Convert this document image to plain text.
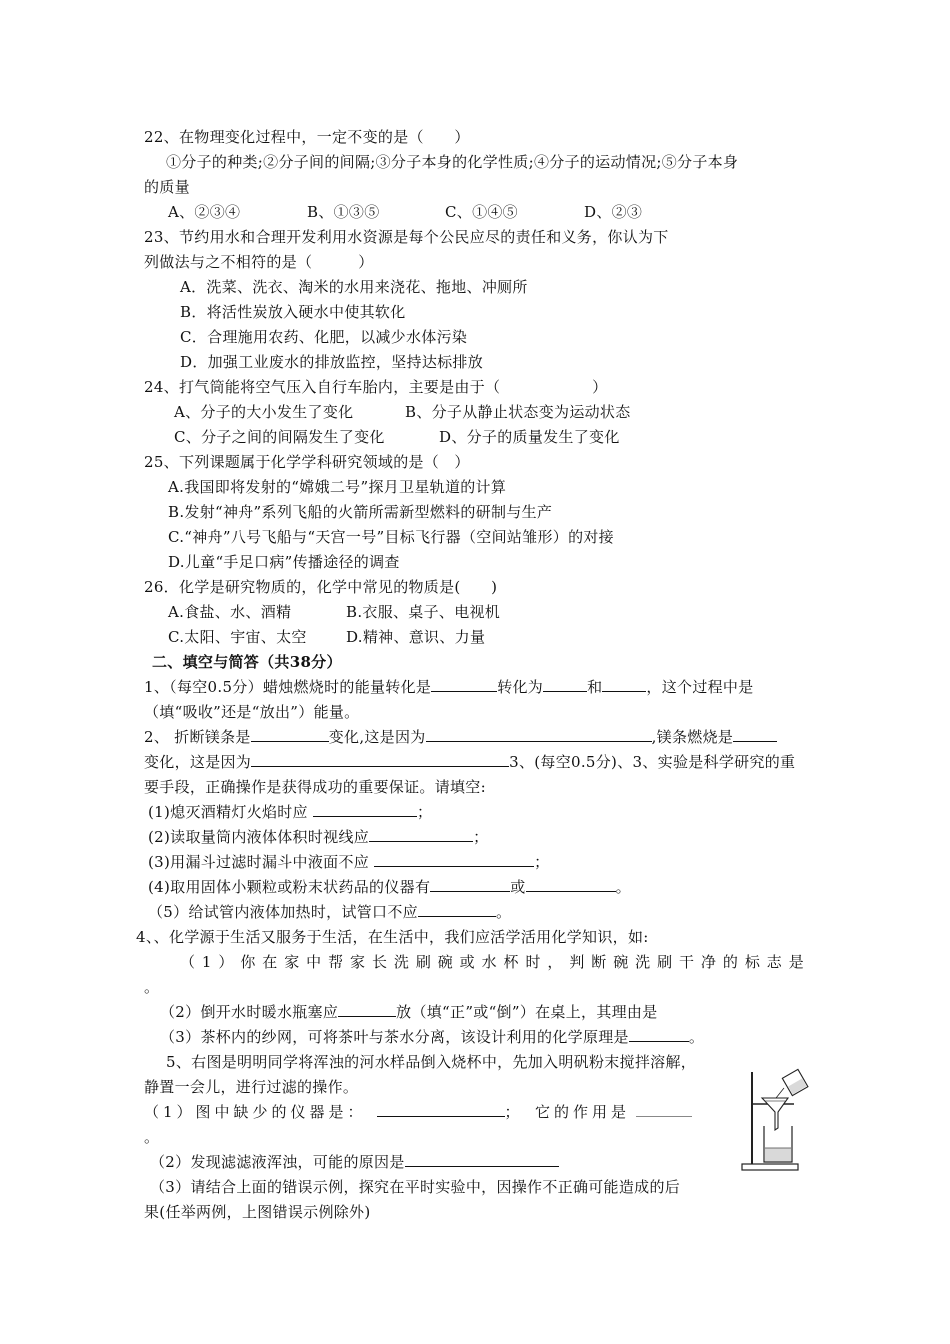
22、在物理变化过程中，一定不变的是（　　）
①分子的种类;②分子间的间隔;③分子本身的化学性质;④分子的运动情况;⑤分子本身
的质量
A、②③④	B、①③⑤	C、①④⑤	D、②③
23、节约用水和合理开发利用水资源是每个公民应尽的责任和义务，你认为下
列做法与之不相符的是（　　　）
A．洗菜、洗衣、淘米的水用来浇花、拖地、冲厕所
B．将活性炭放入硬水中使其软化
C．合理施用农药、化肥，以减少水体污染
D．加强工业废水的排放监控，坚持达标排放
24、打气筒能将空气压入自行车胎内，主要是由于（　　　　　　）
A、分子的大小发生了变化	B、分子从静止状态变为运动状态
C、分子之间的间隔发生了变化	D、分子的质量发生了变化
25、下列课题属于化学学科研究领域的是（　）
A.我国即将发射的“嫦娥二号”探月卫星轨道的计算
B.发射“神舟”系列飞船的火箭所需新型燃料的研制与生产
C.“神舟”八号飞船与“天宫一号”目标飞行器（空间站雏形）的对接
D.儿童“手足口病”传播途径的调查
26．化学是研究物质的，化学中常见的物质是(　　)
A.食盐、水、酒精	B.衣服、桌子、电视机
C.太阳、宇宙、太空	D.精神、意识、力量
二、填空与简答（共38分）
1、（每空0.5分）蜡烛燃烧时的能量转化是	转化为	和	，这个过程中是
（填“吸收”还是“放出”）能量。
2、 折断镁条是	变化,这是因为	,镁条燃烧是
变化，这是因为	3、(每空0.5分)、3、实验是科学研究的重
要手段，正确操作是获得成功的重要保证。请填空:
(1)熄灭酒精灯火焰时应	；
(2)读取量筒内液体体积时视线应	；
(3)用漏斗过滤时漏斗中液面不应	；
(4)取用固体小颗粒或粉末状药品的仪器有	或	。
（5）给试管内液体加热时，试管口不应	。
4、、化学源于生活又服务于生活，在生活中，我们应活学活用化学知识，如:
（1）你在家中帮家长洗刷碗或水杯时，判断碗洗刷干净的标志是
。
（2）倒开水时暖水瓶塞应	放（填“正”或“倒”）在桌上，其理由是
（3）茶杯内的纱网，可将茶叶与茶水分离，该设计利用的化学原理是	。
5、右图是明明同学将浑浊的河水样品倒入烧杯中，先加入明矾粉末搅拌溶解，
静置一会儿，进行过滤的操作。
（1）图中缺少的仪器是：	；　它的作用是
。
（2）发现滤滤液浑浊，可能的原因是
（3）请结合上面的错误示例，探究在平时实验中，因操作不正确可能造成的后
果(任举两例，上图错误示例除外)
